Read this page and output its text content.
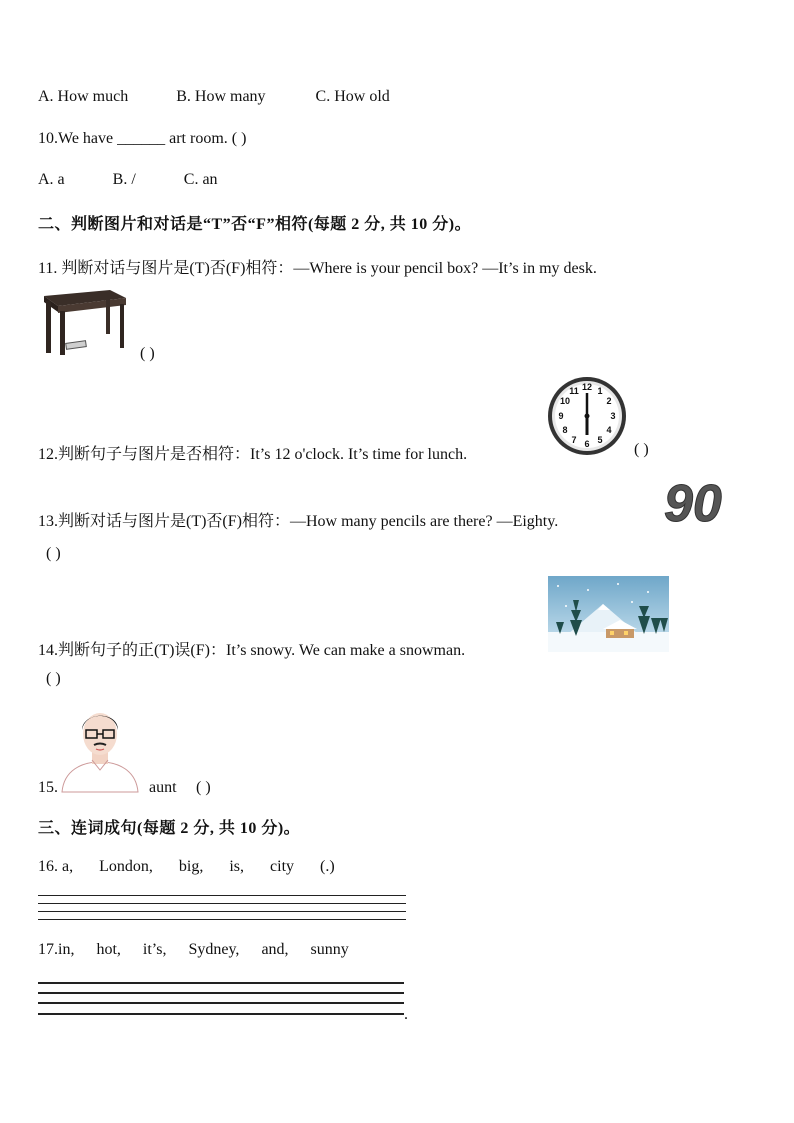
A. How much	B. How many	C. How old
10.We have ______ art room. ( )
A. a	B. /	C. an
二、判断图片和对话是“T”否“F”相符(每题 2 分, 共 10 分)。
11. 判断对话与图片是(T)否(F)相符：—Where is your pencil box? —It’s in my desk.
( )
12.判断句子与图片是否相符：It’s 12 o'clock. It’s time for lunch.
12 1
2
3
4
5
6
7
8
9
10
11
( )
13.判断对话与图片是(T)否(F)相符：—How many pencils are there? —Eighty. 90
( )
14.判断句子的正(T)误(F)：It’s snowy. We can make a snowman.
( )
15.	aunt ( )
三、连词成句(每题 2 分, 共 10 分)。
16. a, London, big, is, city (.)
17.in, hot, it’s, Sydney, and, sunny
.
